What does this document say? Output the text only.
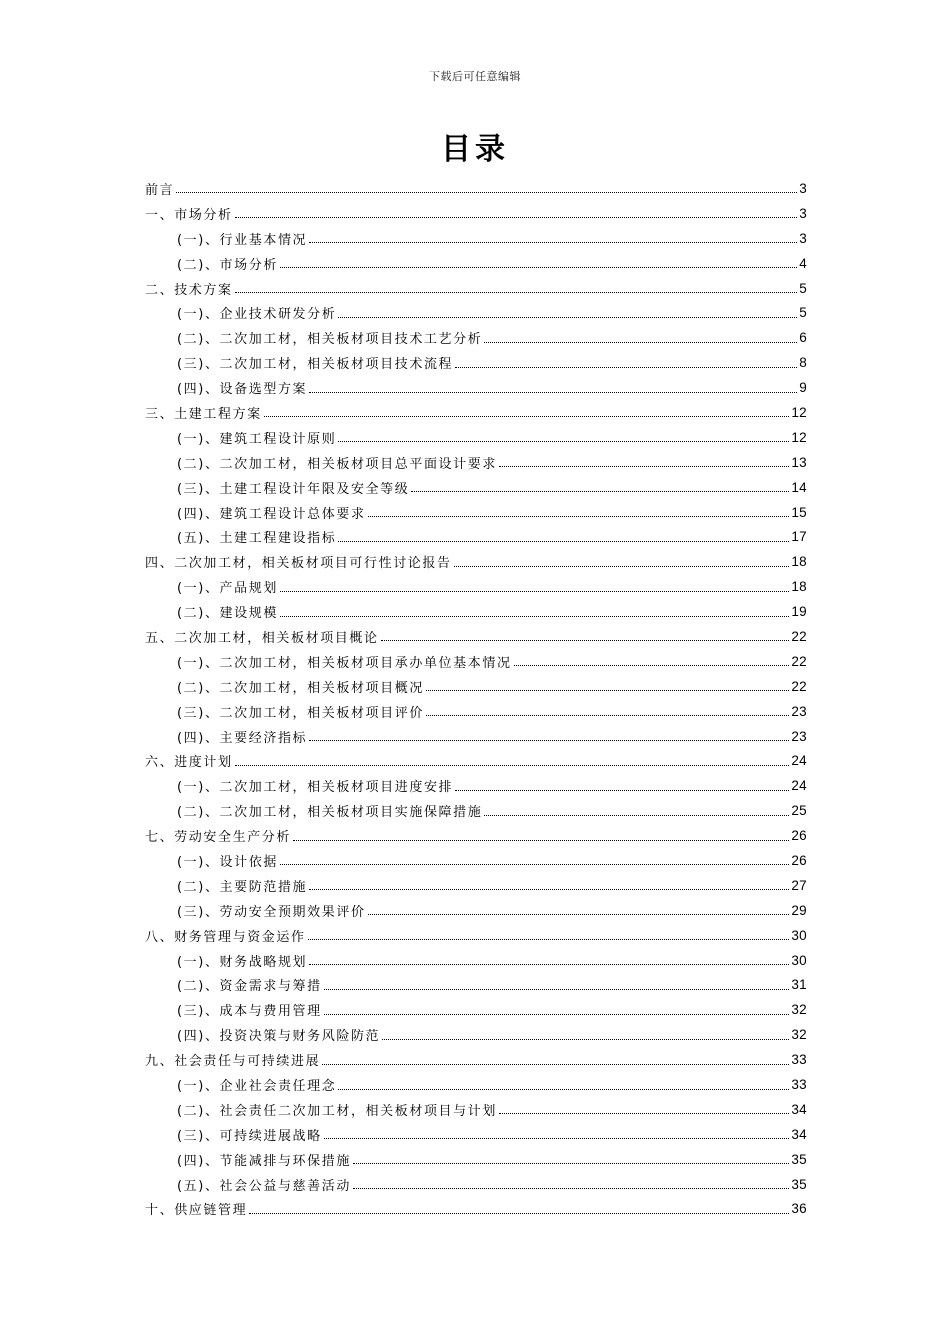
下载后可任意编辑
目录
前言	3
一、市场分析	3
(一)、行业基本情况	3
(二)、市场分析	4
二、技术方案	5
(一)、企业技术研发分析	5
(二)、二次加工材，相关板材项目技术工艺分析	6
(三)、二次加工材，相关板材项目技术流程	8
(四)、设备选型方案	9
三、土建工程方案	12
(一)、建筑工程设计原则	12
(二)、二次加工材，相关板材项目总平面设计要求	13
(三)、土建工程设计年限及安全等级	14
(四)、建筑工程设计总体要求	15
(五)、土建工程建设指标	17
四、二次加工材，相关板材项目可行性讨论报告	18
(一)、产品规划	18
(二)、建设规模	19
五、二次加工材，相关板材项目概论	22
(一)、二次加工材，相关板材项目承办单位基本情况	22
(二)、二次加工材，相关板材项目概况	22
(三)、二次加工材，相关板材项目评价	23
(四)、主要经济指标	23
六、进度计划	24
(一)、二次加工材，相关板材项目进度安排	24
(二)、二次加工材，相关板材项目实施保障措施	25
七、劳动安全生产分析	26
(一)、设计依据	26
(二)、主要防范措施	27
(三)、劳动安全预期效果评价	29
八、财务管理与资金运作	30
(一)、财务战略规划	30
(二)、资金需求与筹措	31
(三)、成本与费用管理	32
(四)、投资决策与财务风险防范	32
九、社会责任与可持续进展	33
(一)、企业社会责任理念	33
(二)、社会责任二次加工材，相关板材项目与计划	34
(三)、可持续进展战略	34
(四)、节能减排与环保措施	35
(五)、社会公益与慈善活动	35
十、供应链管理	36
